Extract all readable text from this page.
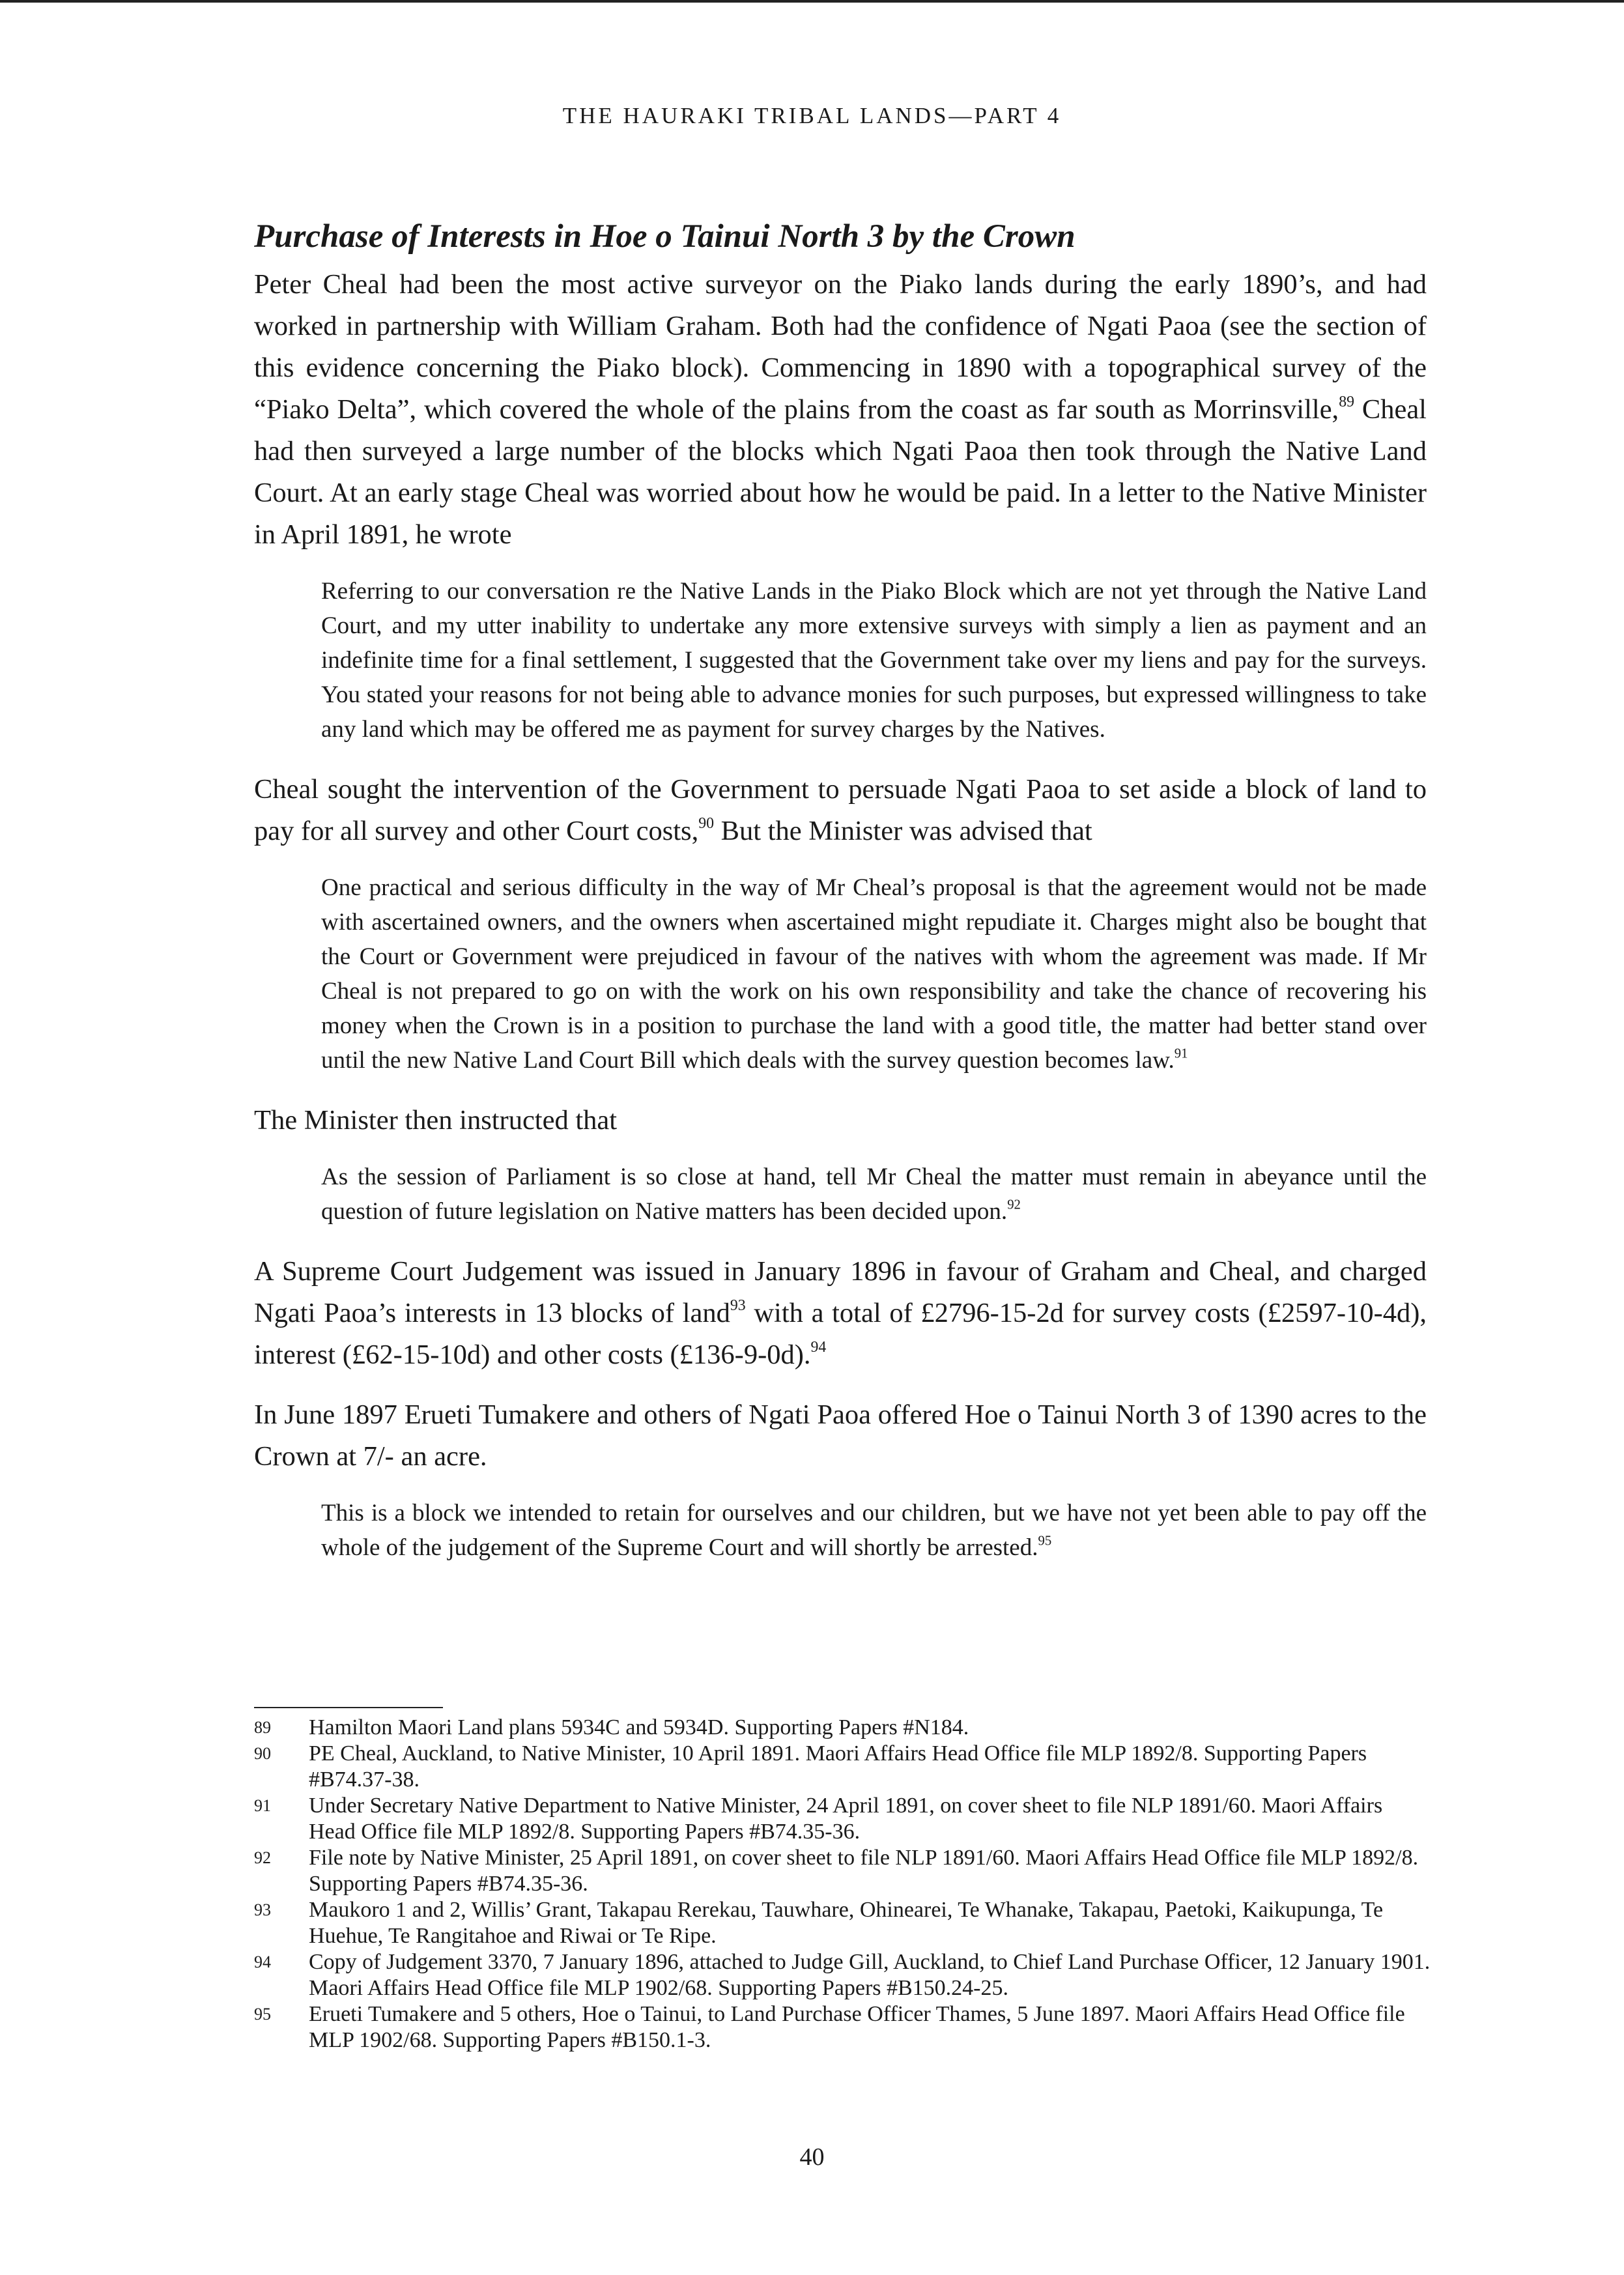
THE HAURAKI TRIBAL LANDS—PART 4
Purchase of Interests in Hoe o Tainui North 3 by the Crown

Peter Cheal had been the most active surveyor on the Piako lands during the early 1890’s, and had worked in partnership with William Graham. Both had the confidence of Ngati Paoa (see the section of this evidence concerning the Piako block). Commencing in 1890 with a topographical survey of the “Piako Delta”, which covered the whole of the plains from the coast as far south as Morrinsville,$^{89}$ Cheal had then surveyed a large number of the blocks which Ngati Paoa then took through the Native Land Court. At an early stage Cheal was worried about how he would be paid. In a letter to the Native Minister in April 1891, he wrote

Referring to our conversation re the Native Lands in the Piako Block which are not yet through the Native Land Court, and my utter inability to undertake any more extensive surveys with simply a lien as payment and an indefinite time for a final settlement, I suggested that the Government take over my liens and pay for the surveys. You stated your reasons for not being able to advance monies for such purposes, but expressed willingness to take any land which may be offered me as payment for survey charges by the Natives.

Cheal sought the intervention of the Government to persuade Ngati Paoa to set aside a block of land to pay for all survey and other Court costs,$^{90}$ But the Minister was advised that

One practical and serious difficulty in the way of Mr Cheal’s proposal is that the agreement would not be made with ascertained owners, and the owners when ascertained might repudiate it. Charges might also be bought that the Court or Government were prejudiced in favour of the natives with whom the agreement was made. If Mr Cheal is not prepared to go on with the work on his own responsibility and take the chance of recovering his money when the Crown is in a position to purchase the land with a good title, the matter had better stand over until the new Native Land Court Bill which deals with the survey question becomes law.$^{91}$

The Minister then instructed that

As the session of Parliament is so close at hand, tell Mr Cheal the matter must remain in abeyance until the question of future legislation on Native matters has been decided upon.$^{92}$

A Supreme Court Judgement was issued in January 1896 in favour of Graham and Cheal, and charged Ngati Paoa’s interests in 13 blocks of land$^{93}$ with a total of £2796-15-2d for survey costs (£2597-10-4d), interest (£62-15-10d) and other costs (£136-9-0d).$^{94}$

In June 1897 Erueti Tumakere and others of Ngati Paoa offered Hoe o Tainui North 3 of 1390 acres to the Crown at 7/- an acre.

This is a block we intended to retain for ourselves and our children, but we have not yet been able to pay off the whole of the judgement of the Supreme Court and will shortly be arrested.$^{95}$

89	Hamilton Maori Land plans 5934C and 5934D. Supporting Papers #N184.
90	PE Cheal, Auckland, to Native Minister, 10 April 1891. Maori Affairs Head Office file MLP 1892/8. Supporting Papers #B74.37-38.
91	Under Secretary Native Department to Native Minister, 24 April 1891, on cover sheet to file NLP 1891/60. Maori Affairs Head Office file MLP 1892/8. Supporting Papers #B74.35-36.
92	File note by Native Minister, 25 April 1891, on cover sheet to file NLP 1891/60. Maori Affairs Head Office file MLP 1892/8. Supporting Papers #B74.35-36.
93	Maukoro 1 and 2, Willis’ Grant, Takapau Rerekau, Tauwhare, Ohinearei, Te Whanake, Takapau, Paetoki, Kaikupunga, Te Huehue, Te Rangitahoe and Riwai or Te Ripe.
94	Copy of Judgement 3370, 7 January 1896, attached to Judge Gill, Auckland, to Chief Land Purchase Officer, 12 January 1901. Maori Affairs Head Office file MLP 1902/68. Supporting Papers #B150.24-25.
95	Erueti Tumakere and 5 others, Hoe o Tainui, to Land Purchase Officer Thames, 5 June 1897. Maori Affairs Head Office file MLP 1902/68. Supporting Papers #B150.1-3.
40
